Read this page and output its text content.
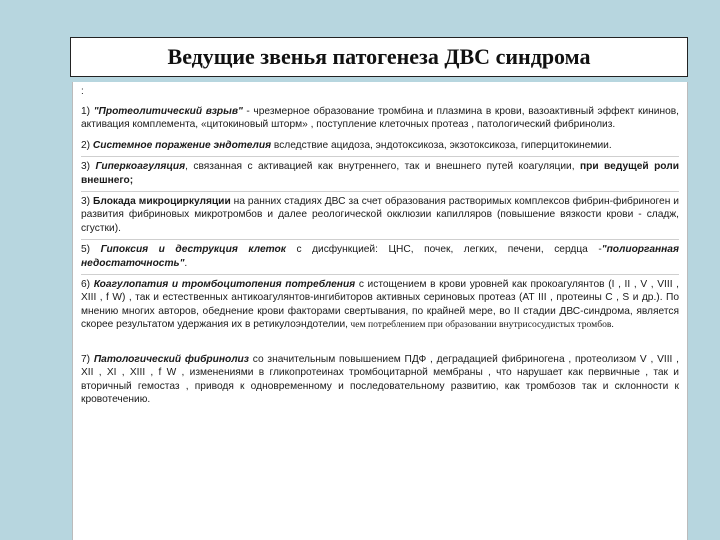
Ведущие звенья патогенеза ДВС синдрома
:
1) "Протеолитический взрыв" - чрезмерное образование тромбина и плазмина в крови, вазоактивный эффект кининов, активация комплемента, «цитокиновый шторм» , поступление клеточных протеаз , патологический фибринолиз.
2) Системное поражение эндотелия вследствие ацидоза, эндотоксикоза, экзотоксикоза, гиперцитокинемии.
3) Гиперкоагуляция, связанная с активацией как внутреннего, так и внешнего путей коагуляции, при ведущей роли внешнего;
3) Блокада микроциркуляции на ранних стадиях ДВС за счет образования растворимых комплексов фибрин-фибриноген и развития фибриновых микротромбов и далее реологической окклюзии капилляров (повышение вязкости крови - сладж, сгустки).
5) Гипоксия и деструкция клеток с дисфункцией: ЦНС, почек, легких, печени, сердца -"полиорганная недостаточность".
6) Коагулопатия и тромбоцитопения потребления с истощением в крови уровней как прокоагулянтов (I , II , V , VIII , XIII , f W) , так и естественных антикоагулянтов-ингибиторов активных сериновых протеаз (АТ III , протеины С , S и др.). По мнению многих авторов, обеднение крови факторами свертывания, по крайней мере, во II стадии ДВС-синдрома, является скорее результатом удержания их в ретикулоэндотелии, чем потреблением при образовании внутрисосудистых тромбов.
7) Патологический фибринолиз со значительным повышением ПДФ , деградацией фибриногена , протеолизом V , VIII , XII , XI , XIII , f W , изменениями в гликопротеинах тромбоцитарной мембраны , что нарушает как первичные , так и вторичный гемостаз , приводя к одновременному и последовательному развитию, как тромбозов так и склонности к кровотечению.
